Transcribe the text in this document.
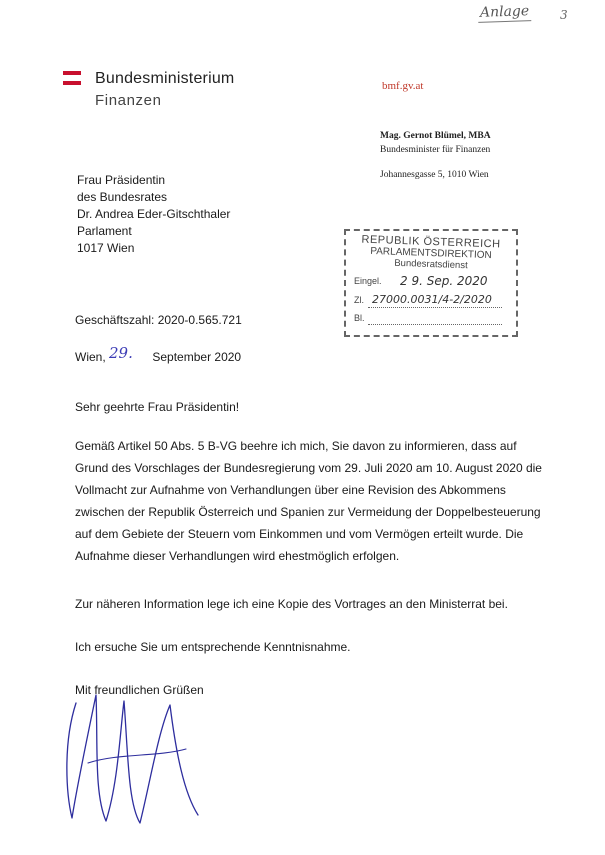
Anlage	3
Bundesministerium
Finanzen
bmf.gv.at
Mag. Gernot Blümel, MBA
Bundesminister für Finanzen
Johannesgasse 5, 1010 Wien
Frau Präsidentin
des Bundesrates
Dr. Andrea Eder-Gitschthaler
Parlament
1017 Wien	REPUBLIK ÖSTERREICH
PARLAMENTSDIREKTION
Bundesratsdienst
Eingel. 2 9. Sep. 2020
Zl. 27000.0031/4-2/2020
Bl.
Geschäftszahl: 2020-0.565.721
Wien, 29. September 2020
Sehr geehrte Frau Präsidentin!
Gemäß Artikel 50 Abs. 5 B-VG beehre ich mich, Sie davon zu informieren, dass auf Grund des Vorschlages der Bundesregierung vom 29. Juli 2020 am 10. August 2020 die Vollmacht zur Aufnahme von Verhandlungen über eine Revision des Abkommens zwischen der Republik Österreich und Spanien zur Vermeidung der Doppelbesteuerung auf dem Gebiete der Steuern vom Einkommen und vom Vermögen erteilt wurde. Die Aufnahme dieser Verhandlungen wird ehestmöglich erfolgen.
Zur näheren Information lege ich eine Kopie des Vortrages an den Ministerrat bei.
Ich ersuche Sie um entsprechende Kenntnisnahme.
Mit freundlichen Grüßen
